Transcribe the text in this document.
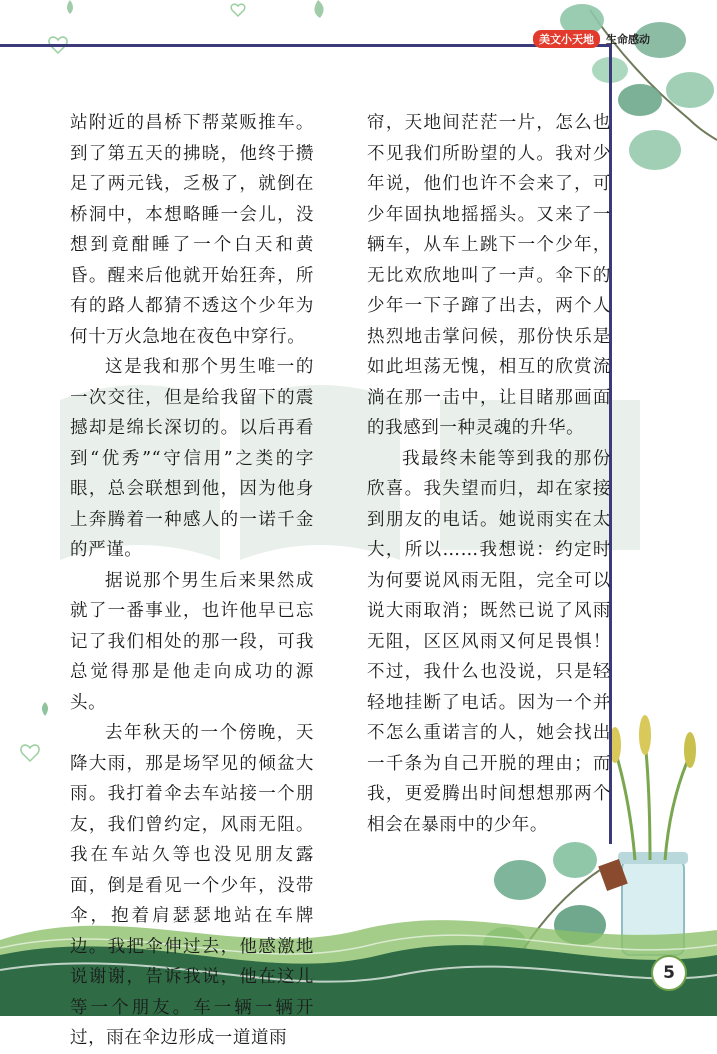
美文小天地	生命感动

站附近的昌桥下帮菜贩推车。到了第五天的拂晓，他终于攒足了两元钱，乏极了，就倒在桥洞中，本想略睡一会儿，没想到竟酣睡了一个白天和黄昏。醒来后他就开始狂奔，所有的路人都猜不透这个少年为何十万火急地在夜色中穿行。

这是我和那个男生唯一的一次交往，但是给我留下的震撼却是绵长深切的。以后再看到“优秀”“守信用”之类的字眼，总会联想到他，因为他身上奔腾着一种感人的一诺千金的严谨。

据说那个男生后来果然成就了一番事业，也许他早已忘记了我们相处的那一段，可我总觉得那是他走向成功的源头。

去年秋天的一个傍晚，天降大雨，那是场罕见的倾盆大雨。我打着伞去车站接一个朋友，我们曾约定，风雨无阻。我在车站久等也没见朋友露面，倒是看见一个少年，没带伞，抱着肩瑟瑟地站在车牌边。我把伞伸过去，他感激地说谢谢，告诉我说，他在这儿等一个朋友。车一辆一辆开过，雨在伞边形成一道道雨

帘，天地间茫茫一片，怎么也不见我们所盼望的人。我对少年说，他们也许不会来了，可少年固执地摇摇头。又来了一辆车，从车上跳下一个少年，无比欢欣地叫了一声。伞下的少年一下子蹿了出去，两个人热烈地击掌问候，那份快乐是如此坦荡无愧，相互的欣赏流淌在那一击中，让目睹那画面的我感到一种灵魂的升华。

我最终未能等到我的那份欣喜。我失望而归，却在家接到朋友的电话。她说雨实在太大，所以……我想说：约定时为何要说风雨无阻，完全可以说大雨取消；既然已说了风雨无阻，区区风雨又何足畏惧！不过，我什么也没说，只是轻轻地挂断了电话。因为一个并不怎么重诺言的人，她会找出一千条为自己开脱的理由；而我，更爱腾出时间想想那两个相会在暴雨中的少年。

5
